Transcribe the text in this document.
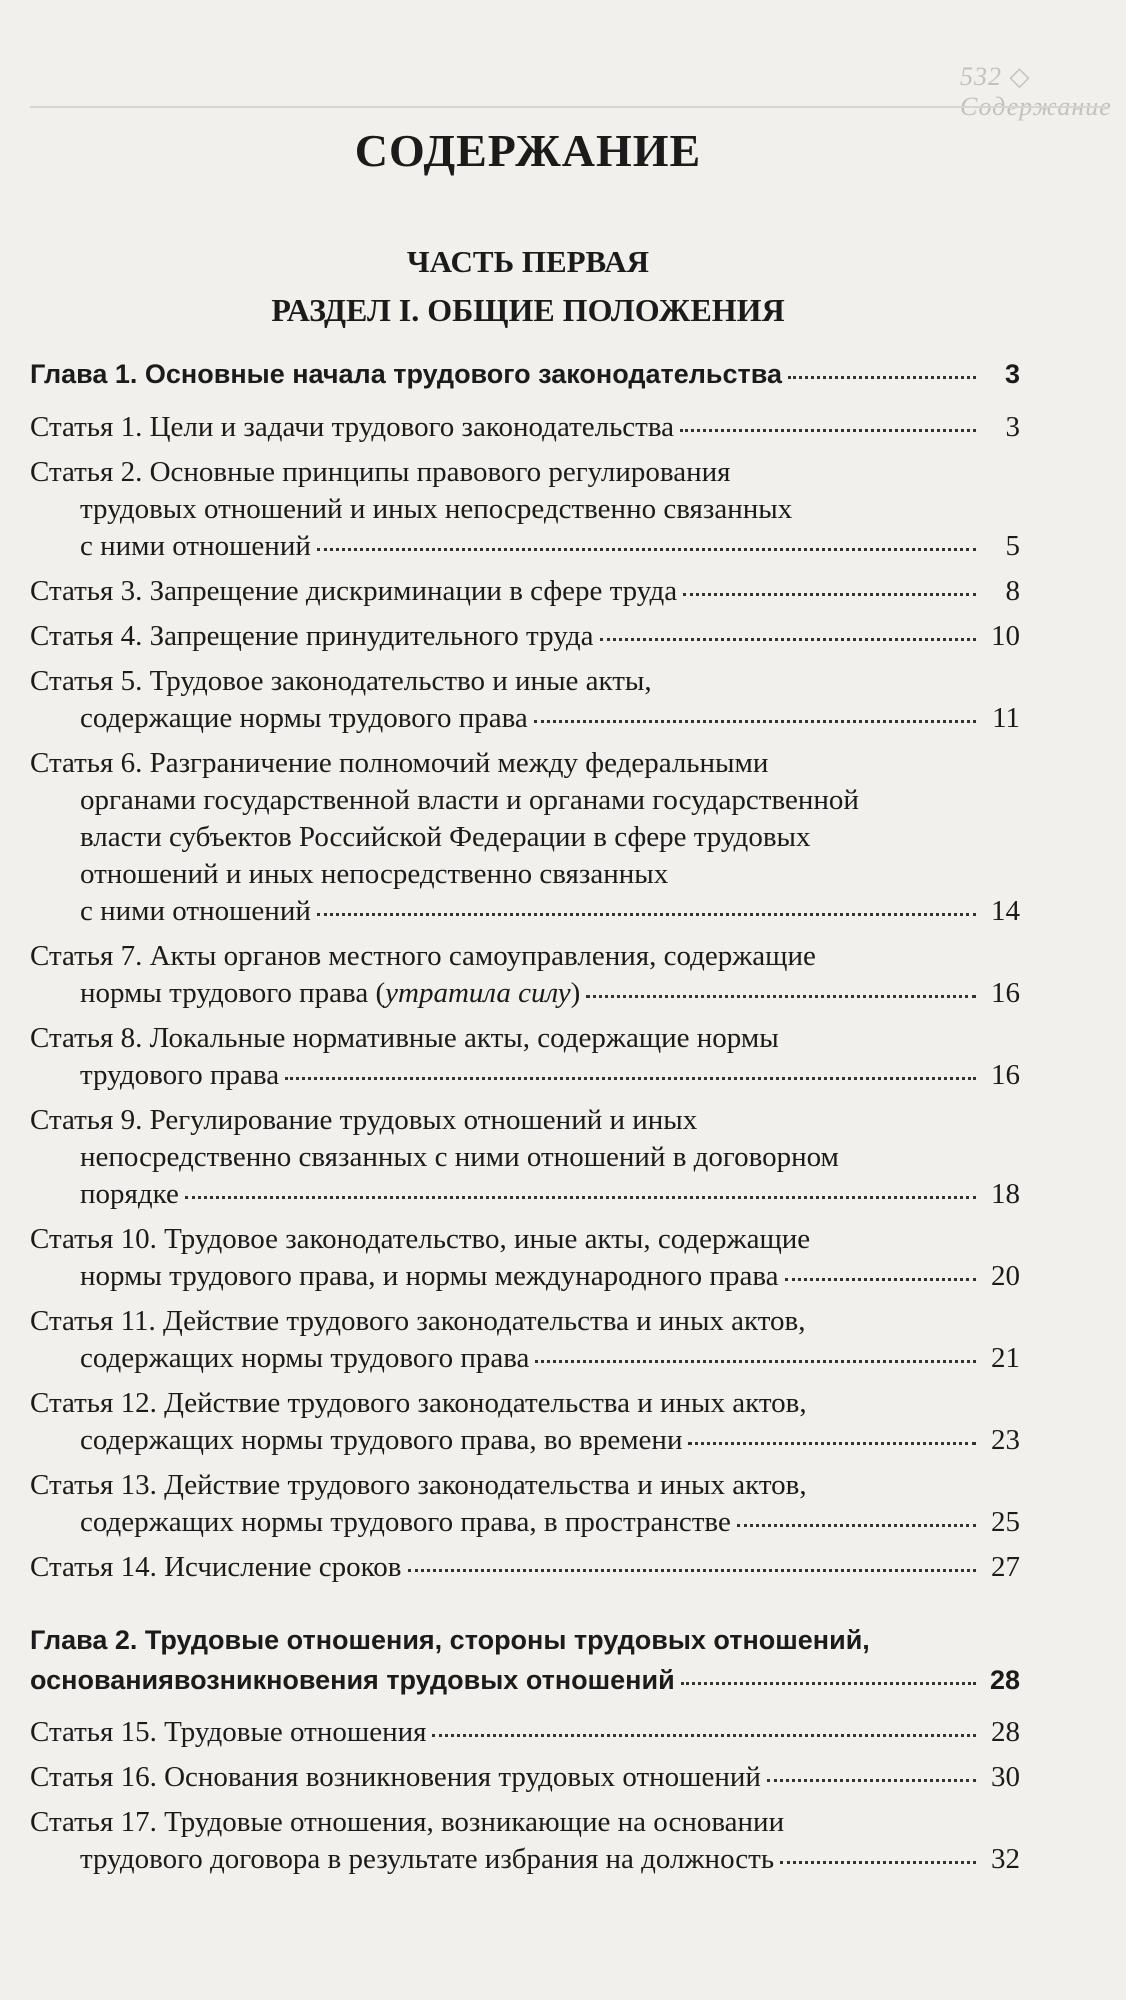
532 ◇ Содержание
СОДЕРЖАНИЕ
ЧАСТЬ ПЕРВАЯ
РАЗДЕЛ I. ОБЩИЕ ПОЛОЖЕНИЯ
Глава 1. Основные начала трудового законодательства	3
Статья 1. Цели и задачи трудового законодательства	3
Статья 2. Основные принципы правового регулирования
трудовых отношений и иных непосредственно связанных
с ними отношений	5
Статья 3. Запрещение дискриминации в сфере труда	8
Статья 4. Запрещение принудительного труда	10
Статья 5. Трудовое законодательство и иные акты,
содержащие нормы трудового права	11
Статья 6. Разграничение полномочий между федеральными
органами государственной власти и органами государственной
власти субъектов Российской Федерации в сфере трудовых
отношений и иных непосредственно связанных
с ними отношений	14
Статья 7. Акты органов местного самоуправления, содержащие
нормы трудового права (утратила силу)	16
Статья 8. Локальные нормативные акты, содержащие нормы
трудового права	16
Статья 9. Регулирование трудовых отношений и иных
непосредственно связанных с ними отношений в договорном
порядке	18
Статья 10. Трудовое законодательство, иные акты, содержащие
нормы трудового права, и нормы международного права	20
Статья 11. Действие трудового законодательства и иных актов,
содержащих нормы трудового права	21
Статья 12. Действие трудового законодательства и иных актов,
содержащих нормы трудового права, во времени	23
Статья 13. Действие трудового законодательства и иных актов,
содержащих нормы трудового права, в пространстве	25
Статья 14. Исчисление сроков	27
Глава 2. Трудовые отношения, стороны трудовых отношений,
основаниявозникновения трудовых отношений	28
Статья 15. Трудовые отношения	28
Статья 16. Основания возникновения трудовых отношений	30
Статья 17. Трудовые отношения, возникающие на основании
трудового договора в результате избрания на должность	32
